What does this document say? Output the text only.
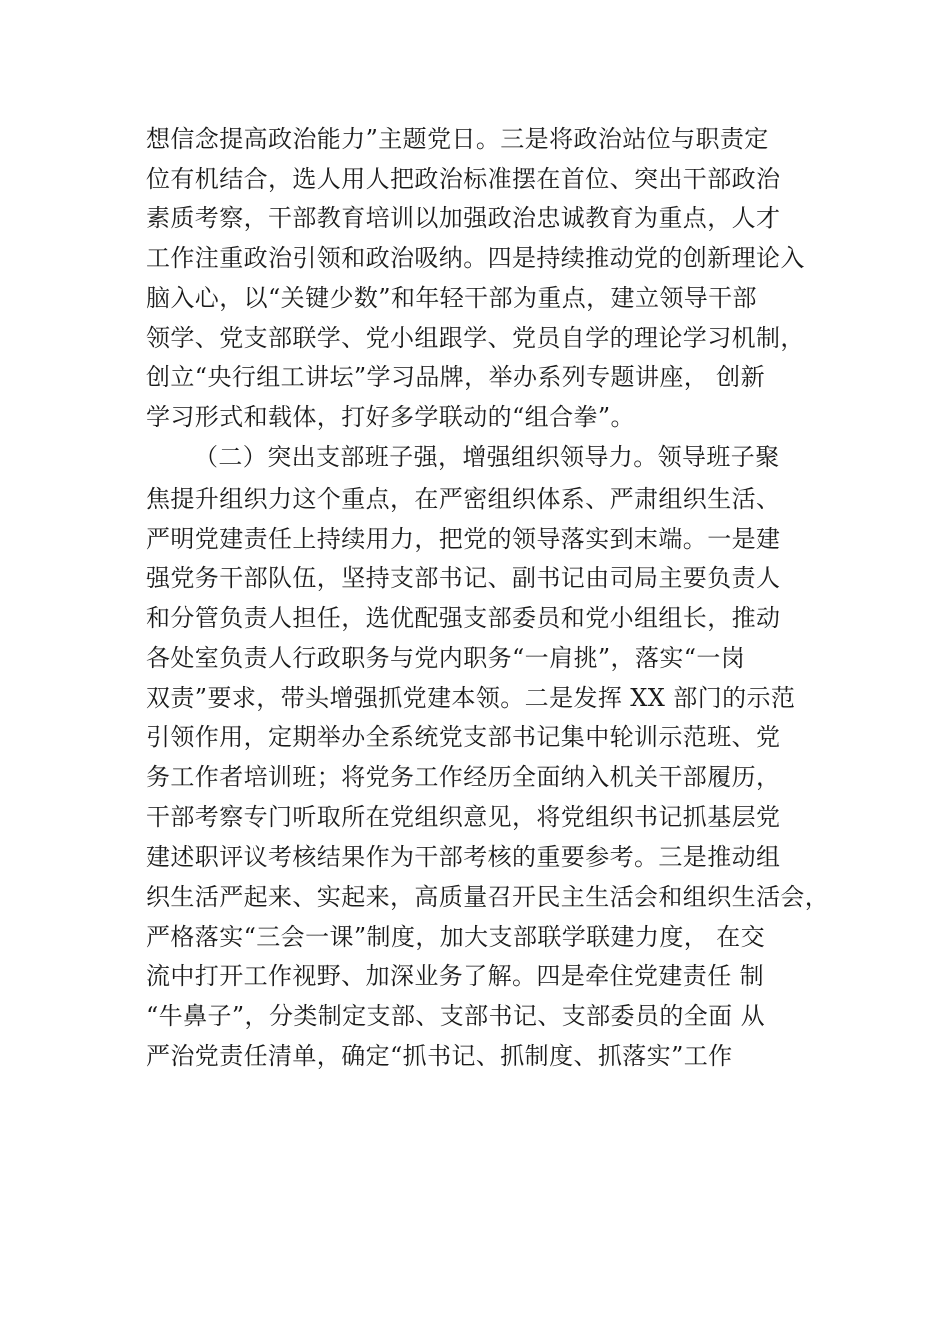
想信念提高政治能力”主题党日。三是将政治站位与职责定
位有机结合，选人用人把政治标准摆在首位、突出干部政治
素质考察，干部教育培训以加强政治忠诚教育为重点，人才
工作注重政治引领和政治吸纳。四是持续推动党的创新理论入
脑入心，以“关键少数”和年轻干部为重点，建立领导干部
领学、党支部联学、党小组跟学、党员自学的理论学习机制，
创立“央行组工讲坛”学习品牌，举办系列专题讲座， 创新
学习形式和载体，打好多学联动的“组合拳”。
（二）突出支部班子强，增强组织领导力。领导班子聚
焦提升组织力这个重点，在严密组织体系、严肃组织生活、
严明党建责任上持续用力，把党的领导落实到末端。一是建
强党务干部队伍，坚持支部书记、副书记由司局主要负责人
和分管负责人担任，选优配强支部委员和党小组组长，推动
各处室负责人行政职务与党内职务“一肩挑”，落实“一岗
双责”要求，带头增强抓党建本领。二是发挥 XX 部门的示范
引领作用，定期举办全系统党支部书记集中轮训示范班、党
务工作者培训班；将党务工作经历全面纳入机关干部履历，
干部考察专门听取所在党组织意见，将党组织书记抓基层党
建述职评议考核结果作为干部考核的重要参考。三是推动组
织生活严起来、实起来，高质量召开民主生活会和组织生活会，
严格落实“三会一课”制度，加大支部联学联建力度， 在交
流中打开工作视野、加深业务了解。四是牵住党建责任 制
“牛鼻子”，分类制定支部、支部书记、支部委员的全面 从
严治党责任清单，确定“抓书记、抓制度、抓落实”工作
